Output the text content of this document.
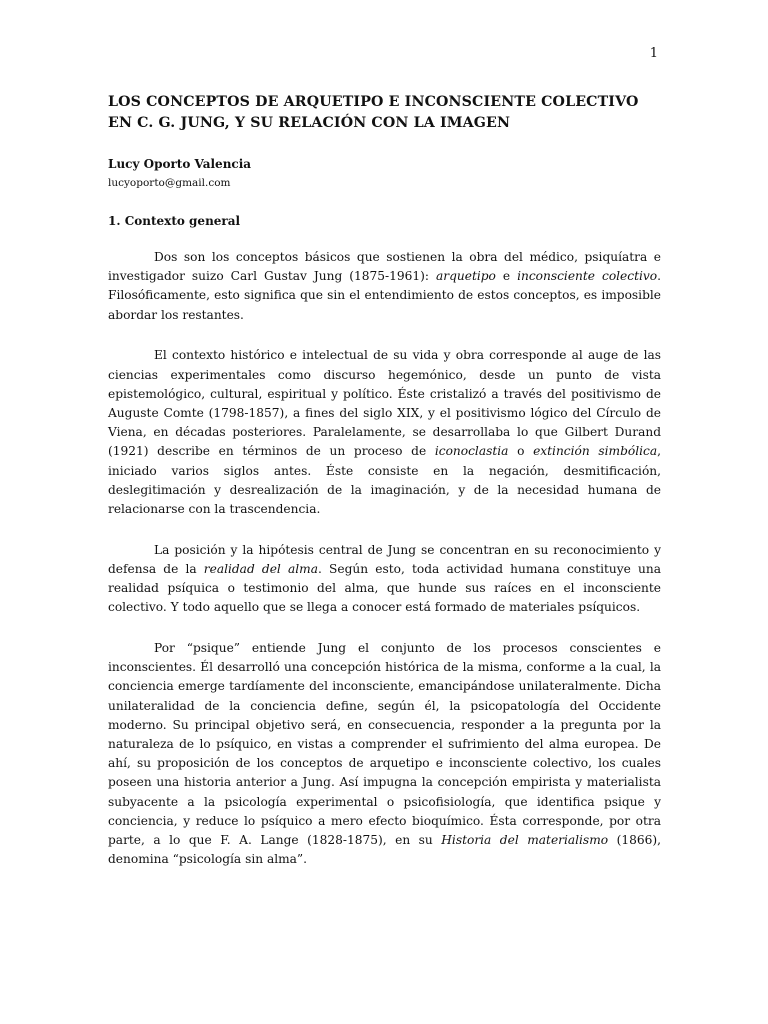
1
LOS CONCEPTOS DE ARQUETIPO E INCONSCIENTE COLECTIVO EN C. G. JUNG, Y SU RELACIÓN CON LA IMAGEN
Lucy Oporto Valencia
lucyoporto@gmail.com
1. Contexto general

Dos son los conceptos básicos que sostienen la obra del médico, psiquíatra e investigador suizo Carl Gustav Jung (1875-1961): arquetipo e inconsciente colectivo. Filosóficamente, esto significa que sin el entendimiento de estos conceptos, es imposible abordar los restantes.

El contexto histórico e intelectual de su vida y obra corresponde al auge de las ciencias experimentales como discurso hegemónico, desde un punto de vista epistemológico, cultural, espiritual y político. Éste cristalizó a través del positivismo de Auguste Comte (1798-1857), a fines del siglo XIX, y el positivismo lógico del Círculo de Viena, en décadas posteriores. Paralelamente, se desarrollaba lo que Gilbert Durand (1921) describe en términos de un proceso de iconoclastia o extinción simbólica, iniciado varios siglos antes. Éste consiste en la negación, desmitificación, deslegitimación y desrealización de la imaginación, y de la necesidad humana de relacionarse con la trascendencia.

La posición y la hipótesis central de Jung se concentran en su reconocimiento y defensa de la realidad del alma. Según esto, toda actividad humana constituye una realidad psíquica o testimonio del alma, que hunde sus raíces en el inconsciente colectivo. Y todo aquello que se llega a conocer está formado de materiales psíquicos.

Por “psique” entiende Jung el conjunto de los procesos conscientes e inconscientes. Él desarrolló una concepción histórica de la misma, conforme a la cual, la conciencia emerge tardíamente del inconsciente, emancipándose unilateralmente. Dicha unilateralidad de la conciencia define, según él, la psicopatología del Occidente moderno. Su principal objetivo será, en consecuencia, responder a la pregunta por la naturaleza de lo psíquico, en vistas a comprender el sufrimiento del alma europea. De ahí, su proposición de los conceptos de arquetipo e inconsciente colectivo, los cuales poseen una historia anterior a Jung. Así impugna la concepción empirista y materialista subyacente a la psicología experimental o psicofisiología, que identifica psique y conciencia, y reduce lo psíquico a mero efecto bioquímico. Ésta corresponde, por otra parte, a lo que F. A. Lange (1828-1875), en su Historia del materialismo (1866), denomina “psicología sin alma”.
